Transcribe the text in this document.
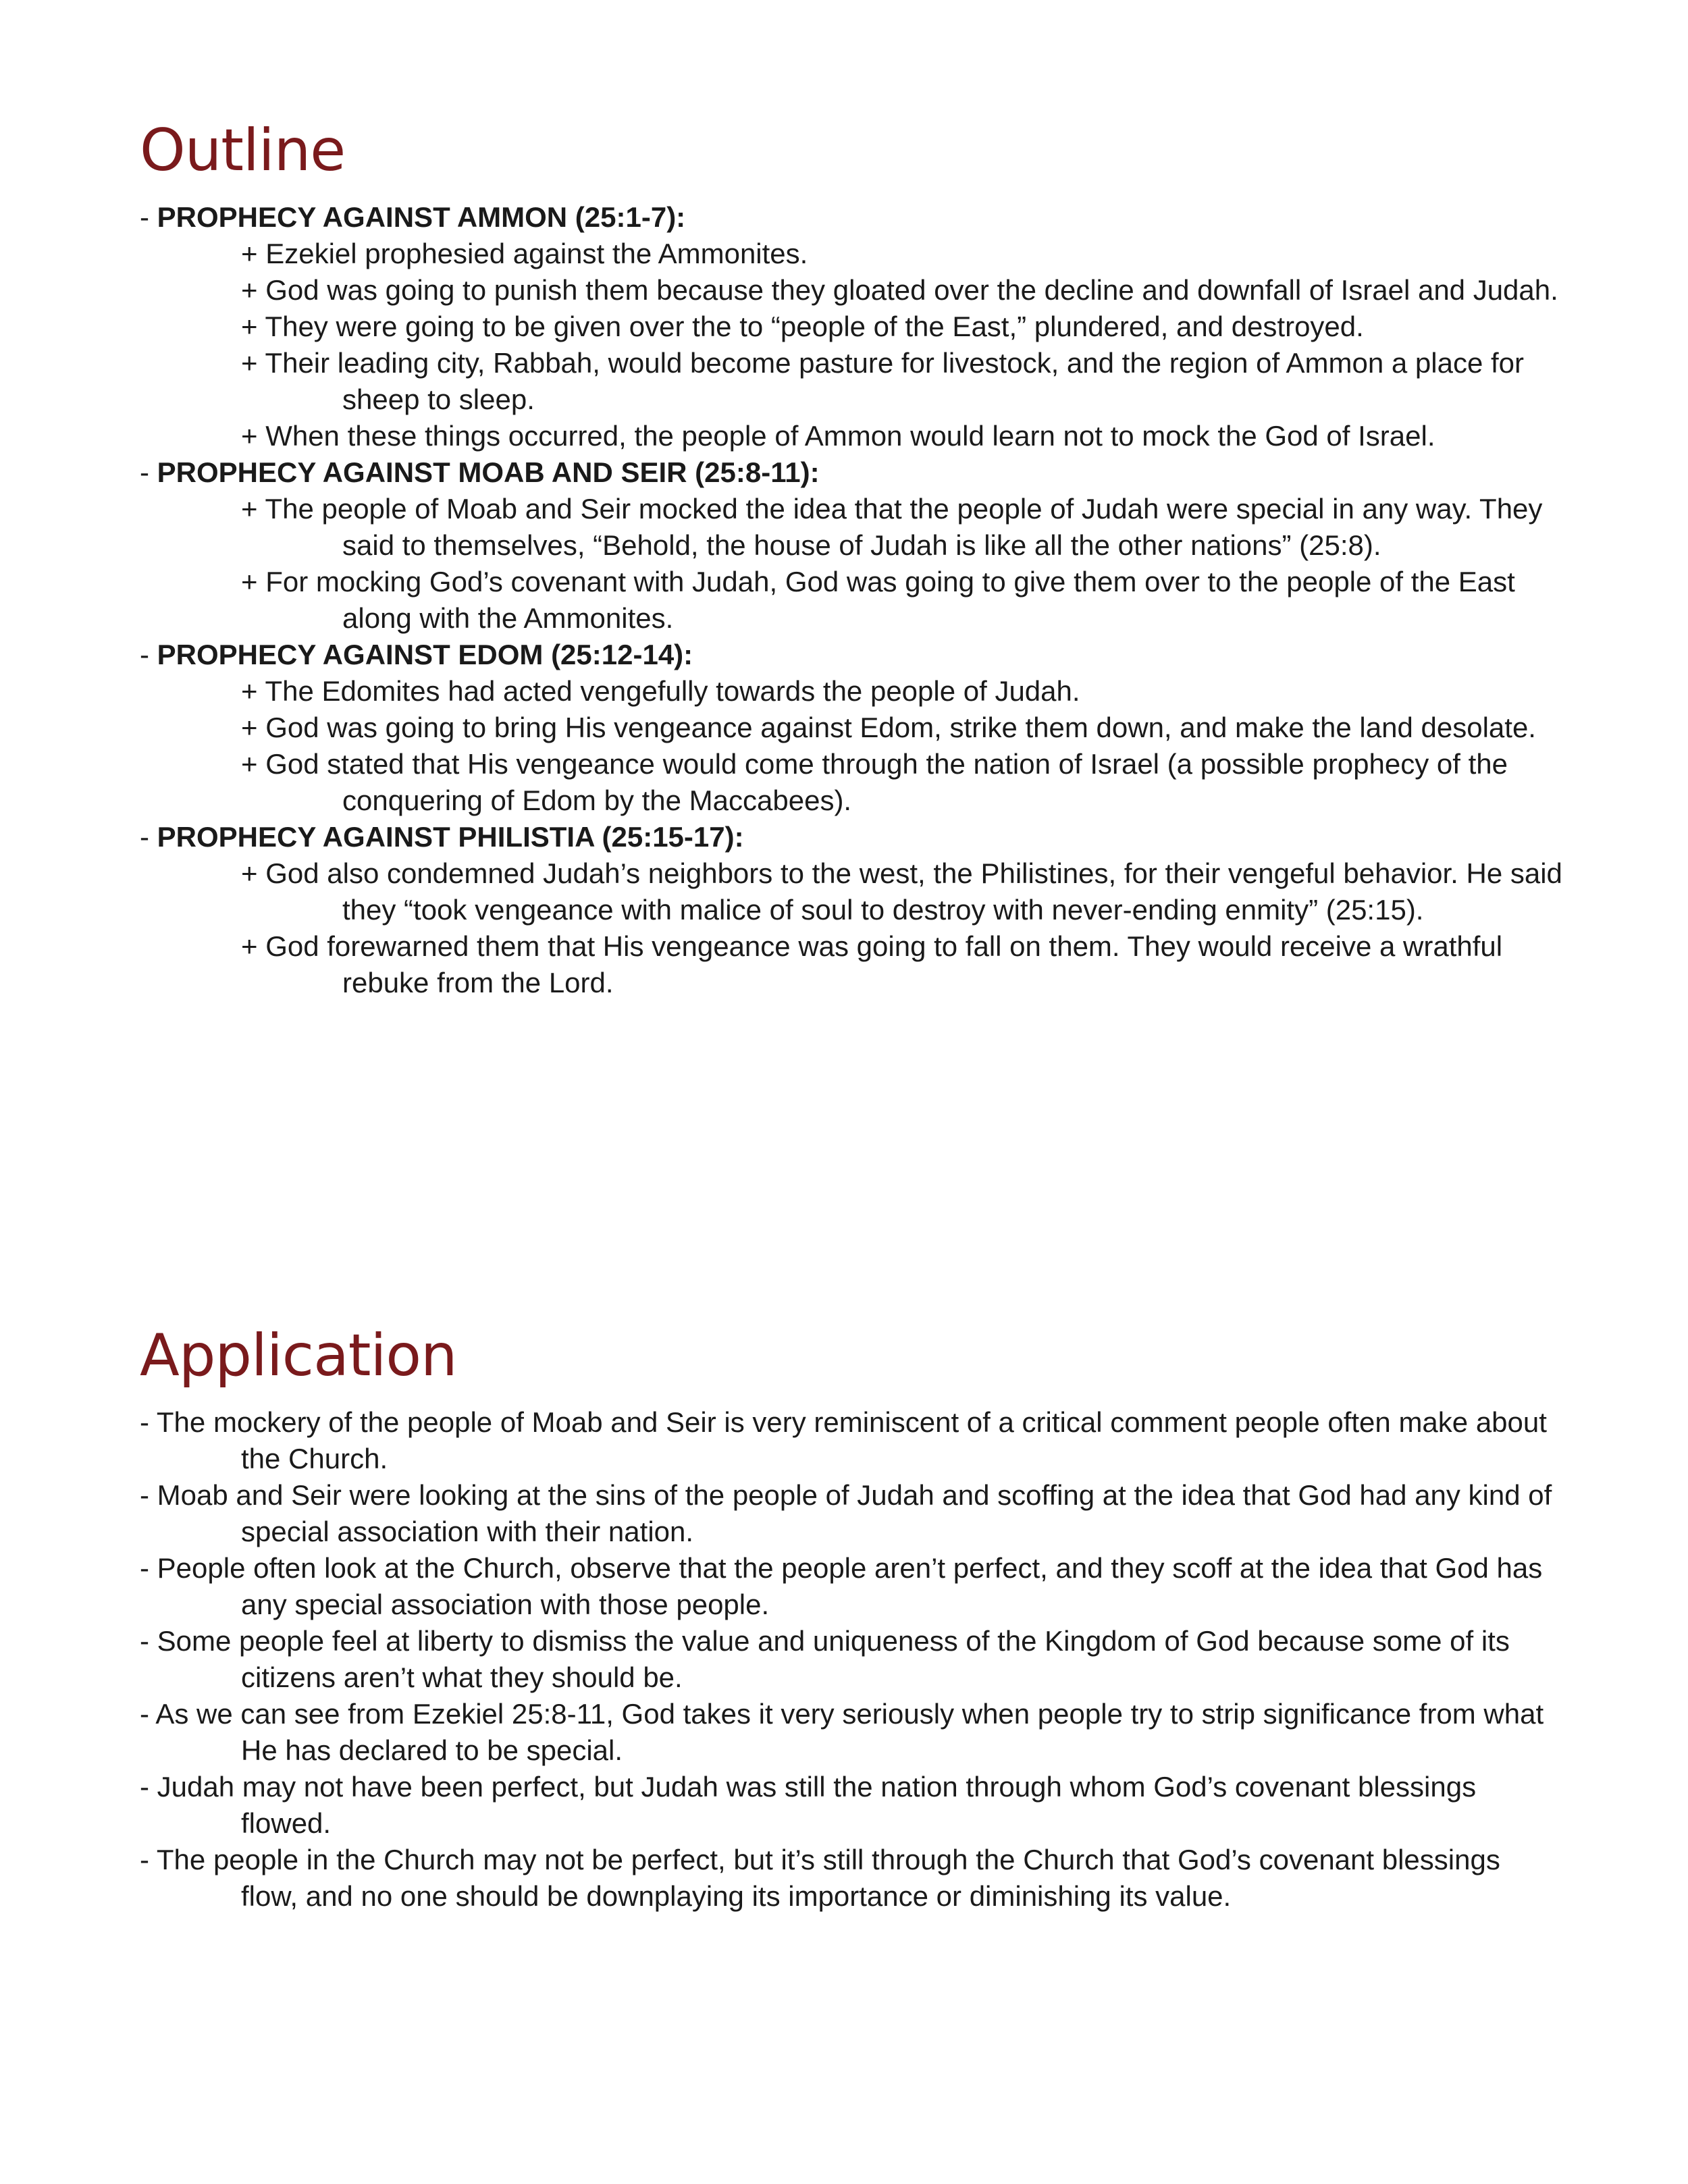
Outline

- PROPHECY AGAINST AMMON (25:1-7):

+ Ezekiel prophesied against the Ammonites.

+ God was going to punish them because they gloated over the decline and downfall of Israel and Judah.

+ They were going to be given over the to “people of the East,” plundered, and destroyed.

+ Their leading city, Rabbah, would become pasture for livestock, and the region of Ammon a place for sheep to sleep.

+ When these things occurred, the people of Ammon would learn not to mock the God of Israel.

- PROPHECY AGAINST MOAB AND SEIR (25:8-11):

+ The people of Moab and Seir mocked the idea that the people of Judah were special in any way. They said to themselves, “Behold, the house of Judah is like all the other nations” (25:8).

+ For mocking God’s covenant with Judah, God was going to give them over to the people of the East along with the Ammonites.

- PROPHECY AGAINST EDOM (25:12-14):

+ The Edomites had acted vengefully towards the people of Judah.

+ God was going to bring His vengeance against Edom, strike them down, and make the land desolate.

+ God stated that His vengeance would come through the nation of Israel (a possible prophecy of the conquering of Edom by the Maccabees).

- PROPHECY AGAINST PHILISTIA (25:15-17):

+ God also condemned Judah’s neighbors to the west, the Philistines, for their vengeful behavior. He said they “took vengeance with malice of soul to destroy with never-ending enmity” (25:15).

+ God forewarned them that His vengeance was going to fall on them. They would receive a wrathful rebuke from the Lord.

Application

- The mockery of the people of Moab and Seir is very reminiscent of a critical comment people often make about the Church.

- Moab and Seir were looking at the sins of the people of Judah and scoffing at the idea that God had any kind of special association with their nation.

- People often look at the Church, observe that the people aren’t perfect, and they scoff at the idea that God has any special association with those people.

- Some people feel at liberty to dismiss the value and uniqueness of the Kingdom of God because some of its citizens aren’t what they should be.

- As we can see from Ezekiel 25:8-11, God takes it very seriously when people try to strip significance from what He has declared to be special.

- Judah may not have been perfect, but Judah was still the nation through whom God’s covenant blessings flowed.

- The people in the Church may not be perfect, but it’s still through the Church that God’s covenant blessings flow, and no one should be downplaying its importance or diminishing its value.
